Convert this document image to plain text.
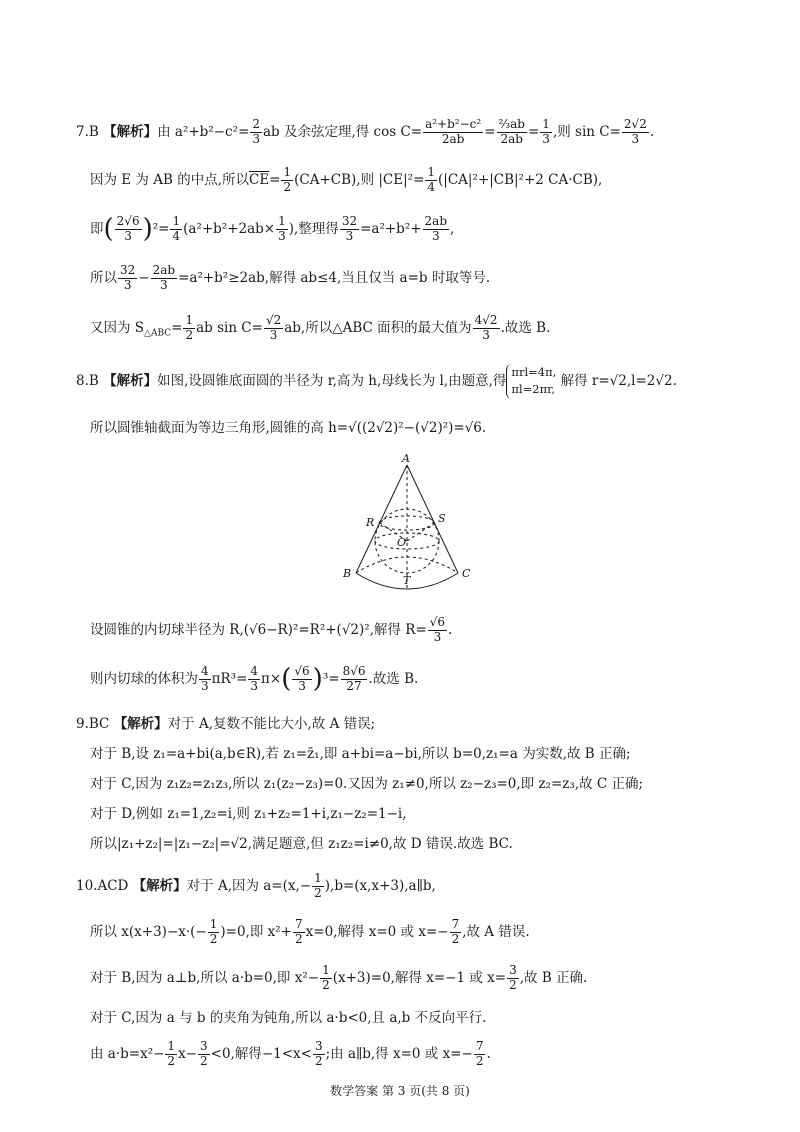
7.B 【解析】由 $a^2+b^2-c^2= \frac{2}{3}$ ab 及余弦定理,得 $\cos C= \frac{\text{a²+b²−c²}}{2ab} = \frac{\text{⅔ab}}{2ab} = \frac{1}{3}$ ,则 $\sin C= \frac{2√2}{3}$ .
因为 E 为 AB 的中点,所以$\overline{CE}= \frac{1}{2} (CA+CB)$,则 $|CE|^2= \frac{1}{4} (|CA|^2+|CB|^2+2$ CA·CB),
即( $\frac{2√6}{3} )^2= \frac{1}{4} (a^2+b^2+2ab\times \frac{1}{3}$ ),整理得 $\frac{32}{3} =a^2+b^2+ \frac{2ab}{3}$ ,
所以 $\frac{32}{3} - \frac{2ab}{3} =a^2+b^2\ge 2ab$,解得 ab≤4,当且仅当 a=b 时取等号.
又因为 $S_{\triangle ABC}= \frac{1}{2}$ ab $\sin C= \frac{√2}{3}$ ab,所以△ABC 面积的最大值为 $\frac{4√2}{3}$ .故选 B.
8.B 【解析】如图,设圆锥底面圆的半径为 r,高为 h,母线长为 l,由题意,得
πrl=4π,
πl=2πr,
解得 r=√2,l=2√2.
所以圆锥轴截面为等边三角形,圆锥的高 h=√((2√2)²−(√2)²)=√6.
A
R	S
O
B
T
C
设圆锥的内切球半径为 R,(√6−R)²=R²+(√2)²,解得 $R= \frac{√6}{3}$ .
则内切球的体积为 $\frac{4}{3} \pi R^3= \frac{4}{3} \pi\times( \frac{√6}{3} )^3= \frac{8√6}{27}$ .故选 B.
9.BC 【解析】对于 A,复数不能比大小,故 A 错误;
对于 B,设 z₁=a+bi(a,b∈R),若 z₁=z̄₁,即 a+bi=a−bi,所以 b=0,z₁=a 为实数,故 B 正确;
对于 C,因为 z₁z₂=z₁z₃,所以 z₁(z₂−z₃)=0.又因为 z₁≠0,所以 z₂−z₃=0,即 z₂=z₃,故 C 正确;
对于 D,例如 z₁=1,z₂=i,则 z₁+z₂=1+i,z₁−z₂=1−i,
所以|z₁+z₂|=|z₁−z₂|=√2,满足题意,但 z₁z₂=i≠0,故 D 错误.故选 BC.
10.ACD 【解析】对于 A,因为 $a=(x,- \frac{1}{2}$ ),b=(x,x+3),a∥b,
所以 $x(x+3)-x\cdot(- \frac{1}{2} )=0$,即 $x^2+ \frac{7}{2} x=0$,解得 x=0 或 $x=- \frac{7}{2}$ ,故 A 错误.
对于 B,因为 a⊥b,所以 a·b=0,即 $x^2- \frac{1}{2} (x+3)=0$,解得 x=−1 或 $x= \frac{3}{2}$ ,故 B 正确.
对于 C,因为 a 与 b 的夹角为钝角,所以 a·b<0,且 a,b 不反向平行.
由 $a\cdot b=x^2- \frac{1}{2} x- \frac{3}{2} <0$,解得$-1<x< \frac{3}{2}$ ;由 a∥b,得 x=0 或 $x=- \frac{7}{2}$ .
数学答案 第 3 页(共 8 页)
